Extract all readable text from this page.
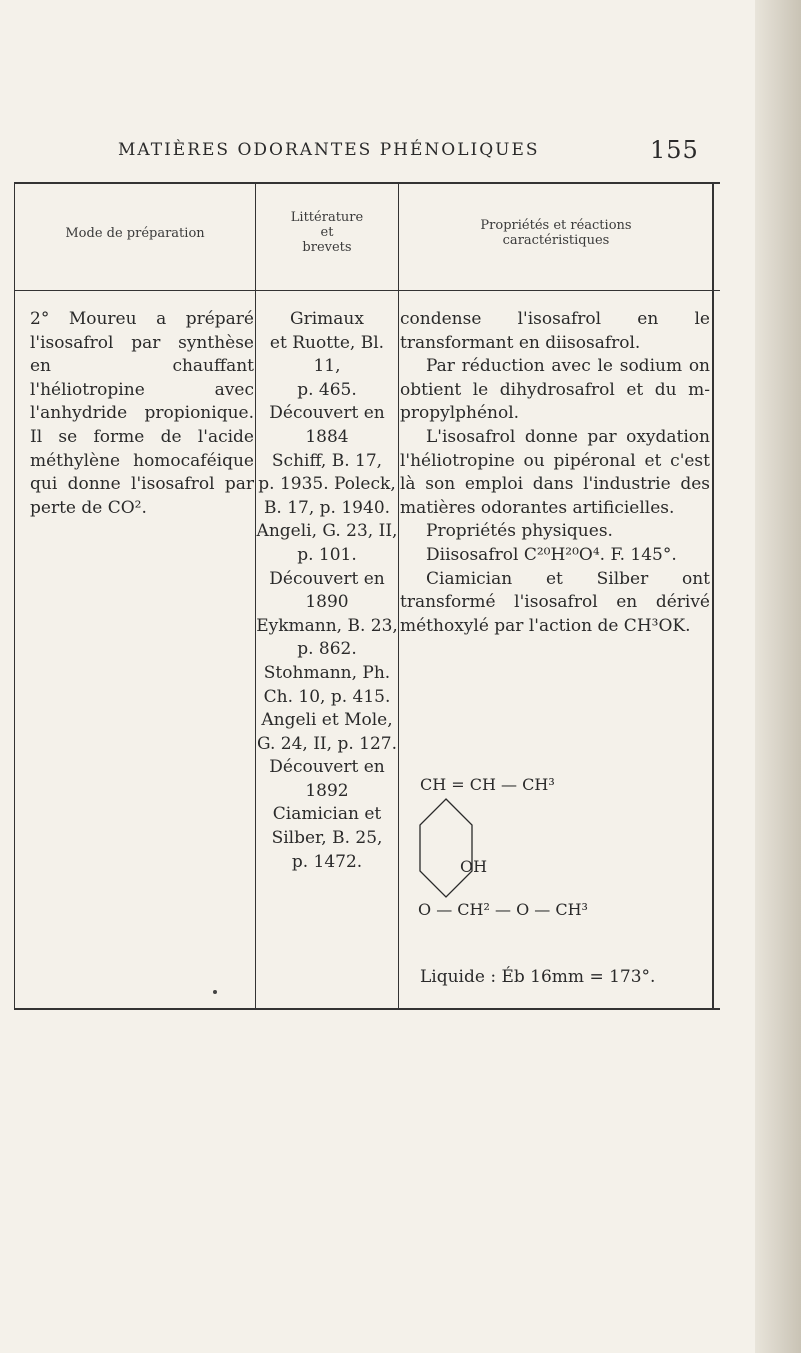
MATIÈRES ODORANTES PHÉNOLIQUES	155
Mode de préparation
Littérature
et
brevets
Propriétés et réactions
caractéristiques

2° Moureu a préparé l'isosafrol par synthèse en chauffant l'héliotropine avec l'anhydride propionique. Il se forme de l'acide méthylène homocaféique qui donne l'isosafrol par perte de CO².

Grimaux
et Ruotte, Bl. 11,
p. 465.
Découvert en 1884
Schiff, B. 17,
p. 1935. Poleck,
B. 17, p. 1940.
Angeli, G. 23, II,
p. 101.
Découvert en 1890
Eykmann, B. 23,
p. 862.
Stohmann, Ph.
Ch. 10, p. 415.
Angeli et Mole,
G. 24, II, p. 127.
Découvert en 1892
Ciamician et
Silber, B. 25,
p. 1472.

condense l'isosafrol en le transformant en diisosafrol.

Par réduction avec le sodium on obtient le dihydrosafrol et du m-propylphénol.

L'isosafrol donne par oxydation l'héliotropine ou pipéronal et c'est là son emploi dans l'industrie des matières odorantes artificielles.

Propriétés physiques.

Diisosafrol C²⁰H²⁰O⁴. F. 145°.

Ciamician et Silber ont transformé l'isosafrol en dérivé méthoxylé par l'action de CH³OK.

CH = CH — CH³
OH
O — CH² — O — CH³
Liquide : Éb 16mm = 173°.
